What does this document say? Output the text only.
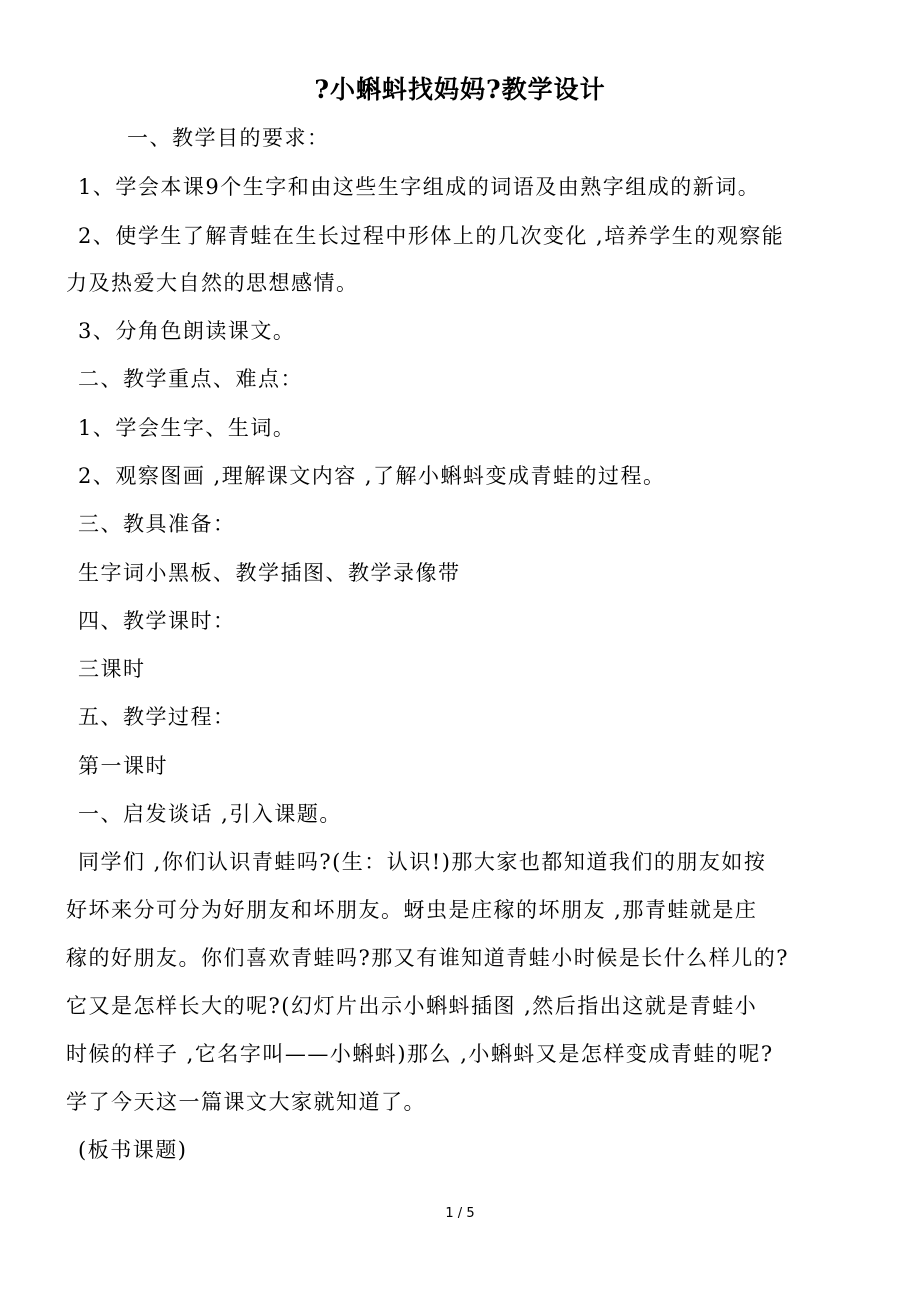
?小蝌蚪找妈妈?教学设计
一、教学目的要求：
1、学会本课9个生字和由这些生字组成的词语及由熟字组成的新词。
2、使学生了解青蛙在生长过程中形体上的几次变化 ,培养学生的观察能
力及热爱大自然的思想感情。
3、分角色朗读课文。
二、教学重点、难点：
1、学会生字、生词。
2、观察图画 ,理解课文内容 ,了解小蝌蚪变成青蛙的过程。
三、教具准备：
生字词小黑板、教学插图、教学录像带
四、教学课时：
三课时
五、教学过程：
第一课时
一、启发谈话 ,引入课题。
同学们 ,你们认识青蛙吗?(生：认识!)那大家也都知道我们的朋友如按
好坏来分可分为好朋友和坏朋友。蚜虫是庄稼的坏朋友 ,那青蛙就是庄
稼的好朋友。你们喜欢青蛙吗?那又有谁知道青蛙小时候是长什么样儿的?
它又是怎样长大的呢?(幻灯片出示小蝌蚪插图 ,然后指出这就是青蛙小
时候的样子 ,它名字叫——小蝌蚪)那么 ,小蝌蚪又是怎样变成青蛙的呢?
学了今天这一篇课文大家就知道了。
(板书课题)
1 / 5
